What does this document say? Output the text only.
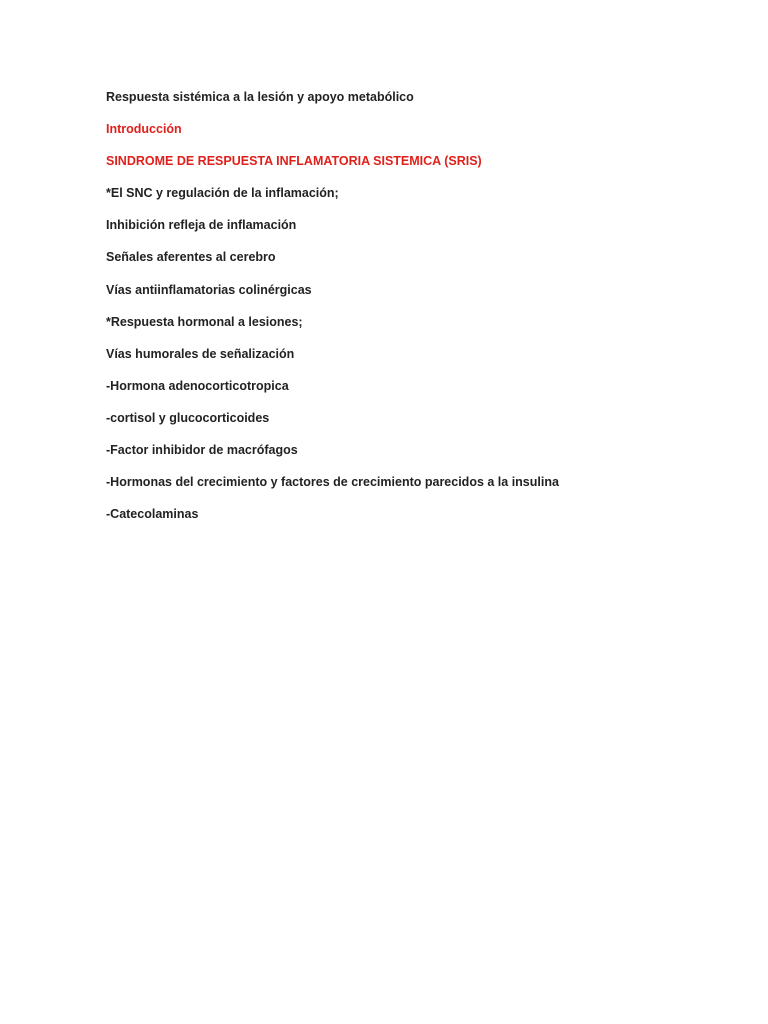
Respuesta sistémica a la lesión y apoyo metabólico
Introducción
SINDROME DE RESPUESTA INFLAMATORIA SISTEMICA (SRIS)
*El SNC y regulación de la inflamación;
Inhibición refleja de inflamación
Señales aferentes al cerebro
Vías antiinflamatorias colinérgicas
*Respuesta hormonal a lesiones;
Vías humorales de señalización
-Hormona adenocorticotropica
-cortisol y glucocorticoides
-Factor inhibidor de macrófagos
-Hormonas del crecimiento y factores de crecimiento parecidos a la insulina
-Catecolaminas
